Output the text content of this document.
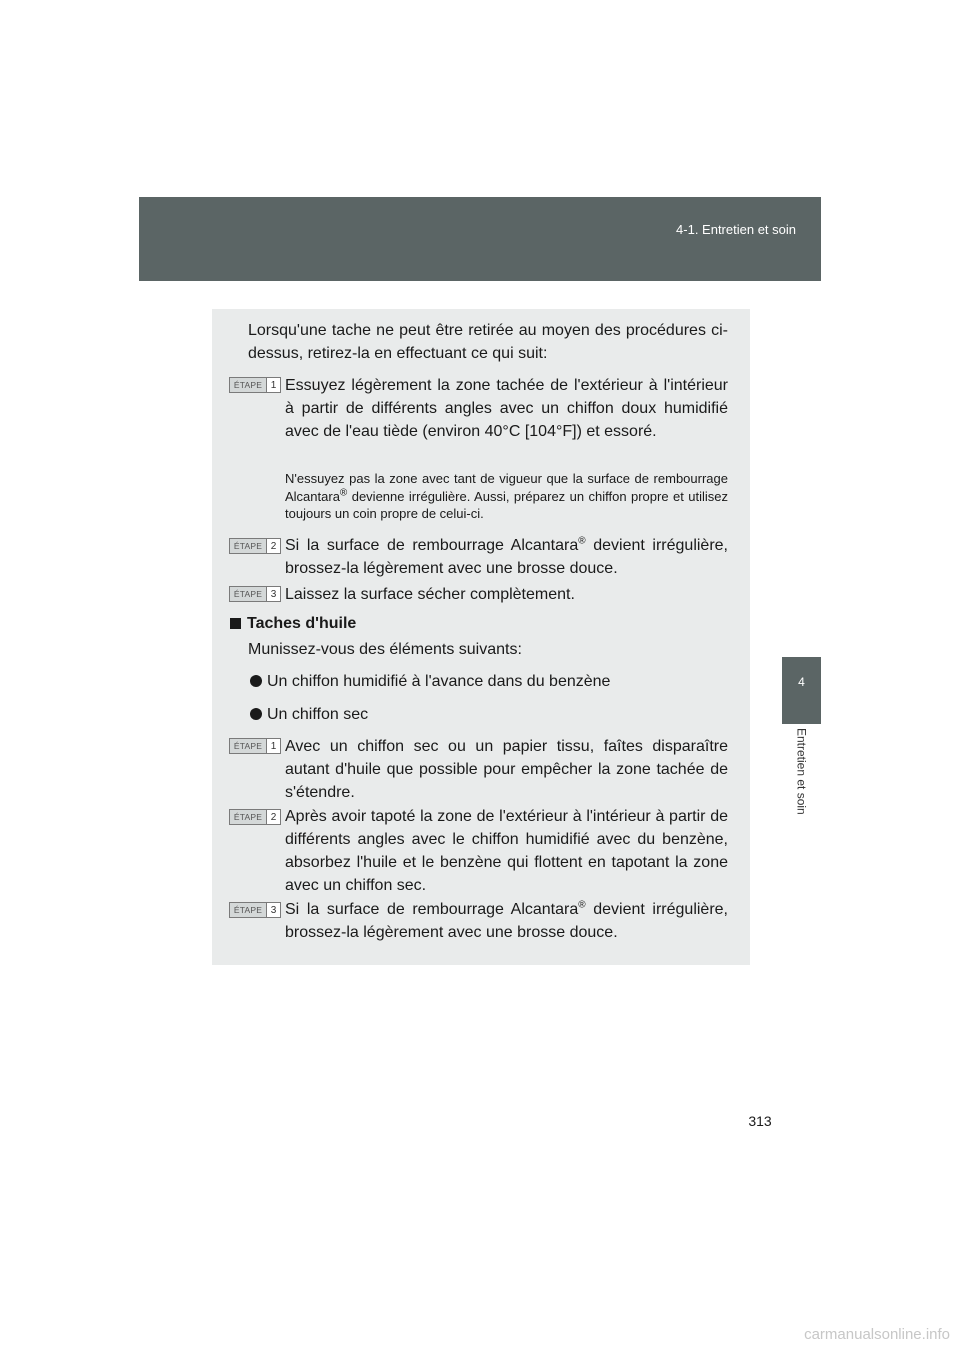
4-1. Entretien et soin
4
Entretien et soin
Lorsqu'une tache ne peut être retirée au moyen des procédures ci-dessus, retirez-la en effectuant ce qui suit:
ÉTAPE 1 Essuyez légèrement la zone tachée de l'extérieur à l'intérieur à partir de différents angles avec un chiffon doux humidifié avec de l'eau tiède (environ 40°C [104°F]) et essoré.
N'essuyez pas la zone avec tant de vigueur que la surface de rembourrage Alcantara® devienne irrégulière. Aussi, préparez un chiffon propre et utilisez toujours un coin propre de celui-ci.
ÉTAPE 2 Si la surface de rembourrage Alcantara® devient irrégulière, brossez-la légèrement avec une brosse douce.
ÉTAPE 3 Laissez la surface sécher complètement.
Taches d'huile
Munissez-vous des éléments suivants:
Un chiffon humidifié à l'avance dans du benzène
Un chiffon sec
ÉTAPE 1 Avec un chiffon sec ou un papier tissu, faîtes disparaître autant d'huile que possible pour empêcher la zone tachée de s'étendre.
ÉTAPE 2 Après avoir tapoté la zone de l'extérieur à l'intérieur à partir de différents angles avec le chiffon humidifié avec du benzène, absorbez l'huile et le benzène qui flottent en tapotant la zone avec un chiffon sec.
ÉTAPE 3 Si la surface de rembourrage Alcantara® devient irrégulière, brossez-la légèrement avec une brosse douce.
313
carmanualsonline.info
